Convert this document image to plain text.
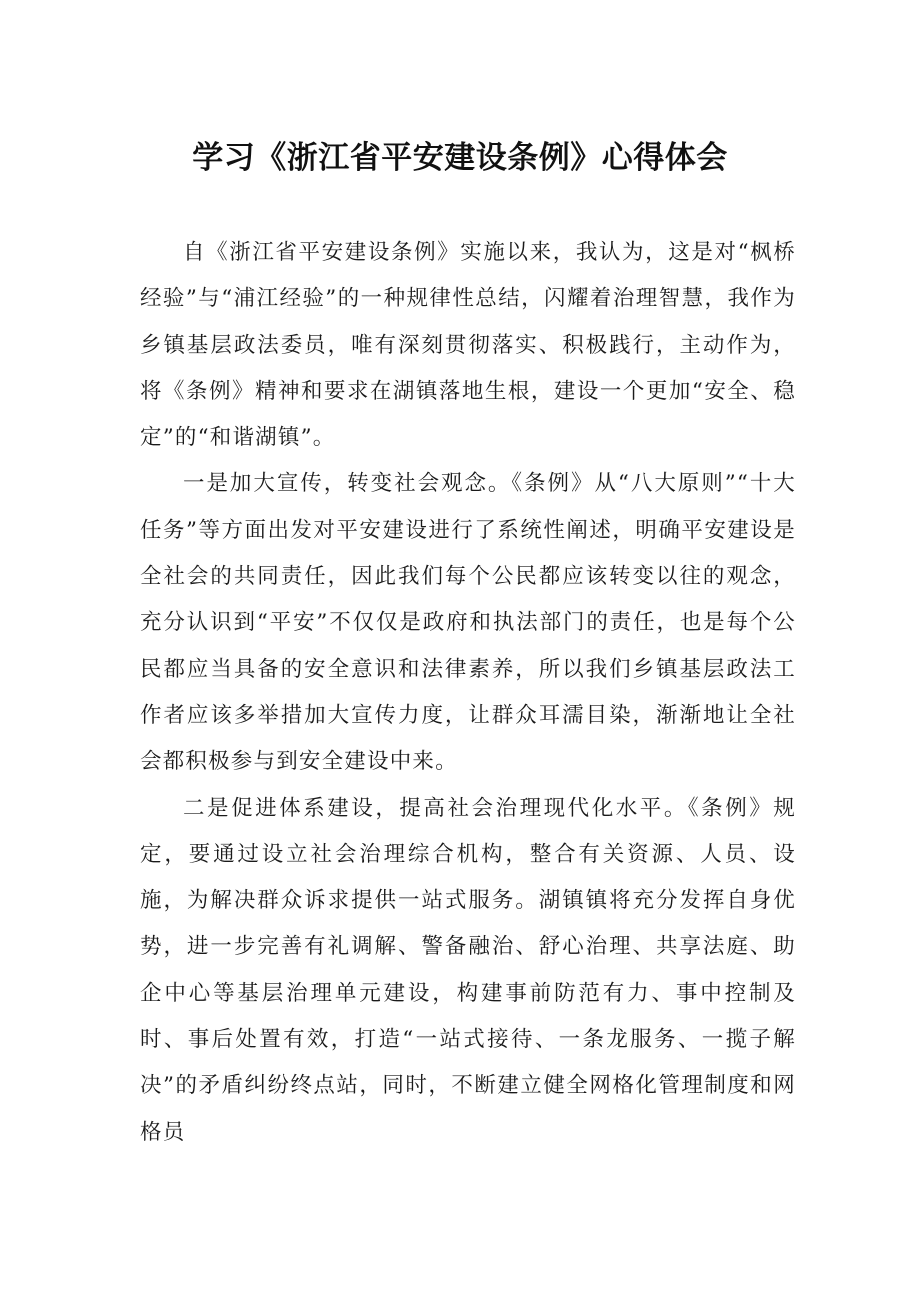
学习《浙江省平安建设条例》心得体会

自《浙江省平安建设条例》实施以来，我认为，这是对“枫桥经验”与“浦江经验”的一种规律性总结，闪耀着治理智慧，我作为乡镇基层政法委员，唯有深刻贯彻落实、积极践行，主动作为，将《条例》精神和要求在湖镇落地生根，建设一个更加“安全、稳定”的“和谐湖镇”。

一是加大宣传，转变社会观念。《条例》从“八大原则”“十大任务”等方面出发对平安建设进行了系统性阐述，明确平安建设是全社会的共同责任，因此我们每个公民都应该转变以往的观念，充分认识到“平安”不仅仅是政府和执法部门的责任，也是每个公民都应当具备的安全意识和法律素养，所以我们乡镇基层政法工作者应该多举措加大宣传力度，让群众耳濡目染，渐渐地让全社会都积极参与到安全建设中来。

二是促进体系建设，提高社会治理现代化水平。《条例》规定，要通过设立社会治理综合机构，整合有关资源、人员、设施，为解决群众诉求提供一站式服务。湖镇镇将充分发挥自身优势，进一步完善有礼调解、警备融治、舒心治理、共享法庭、助企中心等基层治理单元建设，构建事前防范有力、事中控制及时、事后处置有效，打造“一站式接待、一条龙服务、一揽子解决”的矛盾纠纷终点站，同时，不断建立健全网格化管理制度和网格员
